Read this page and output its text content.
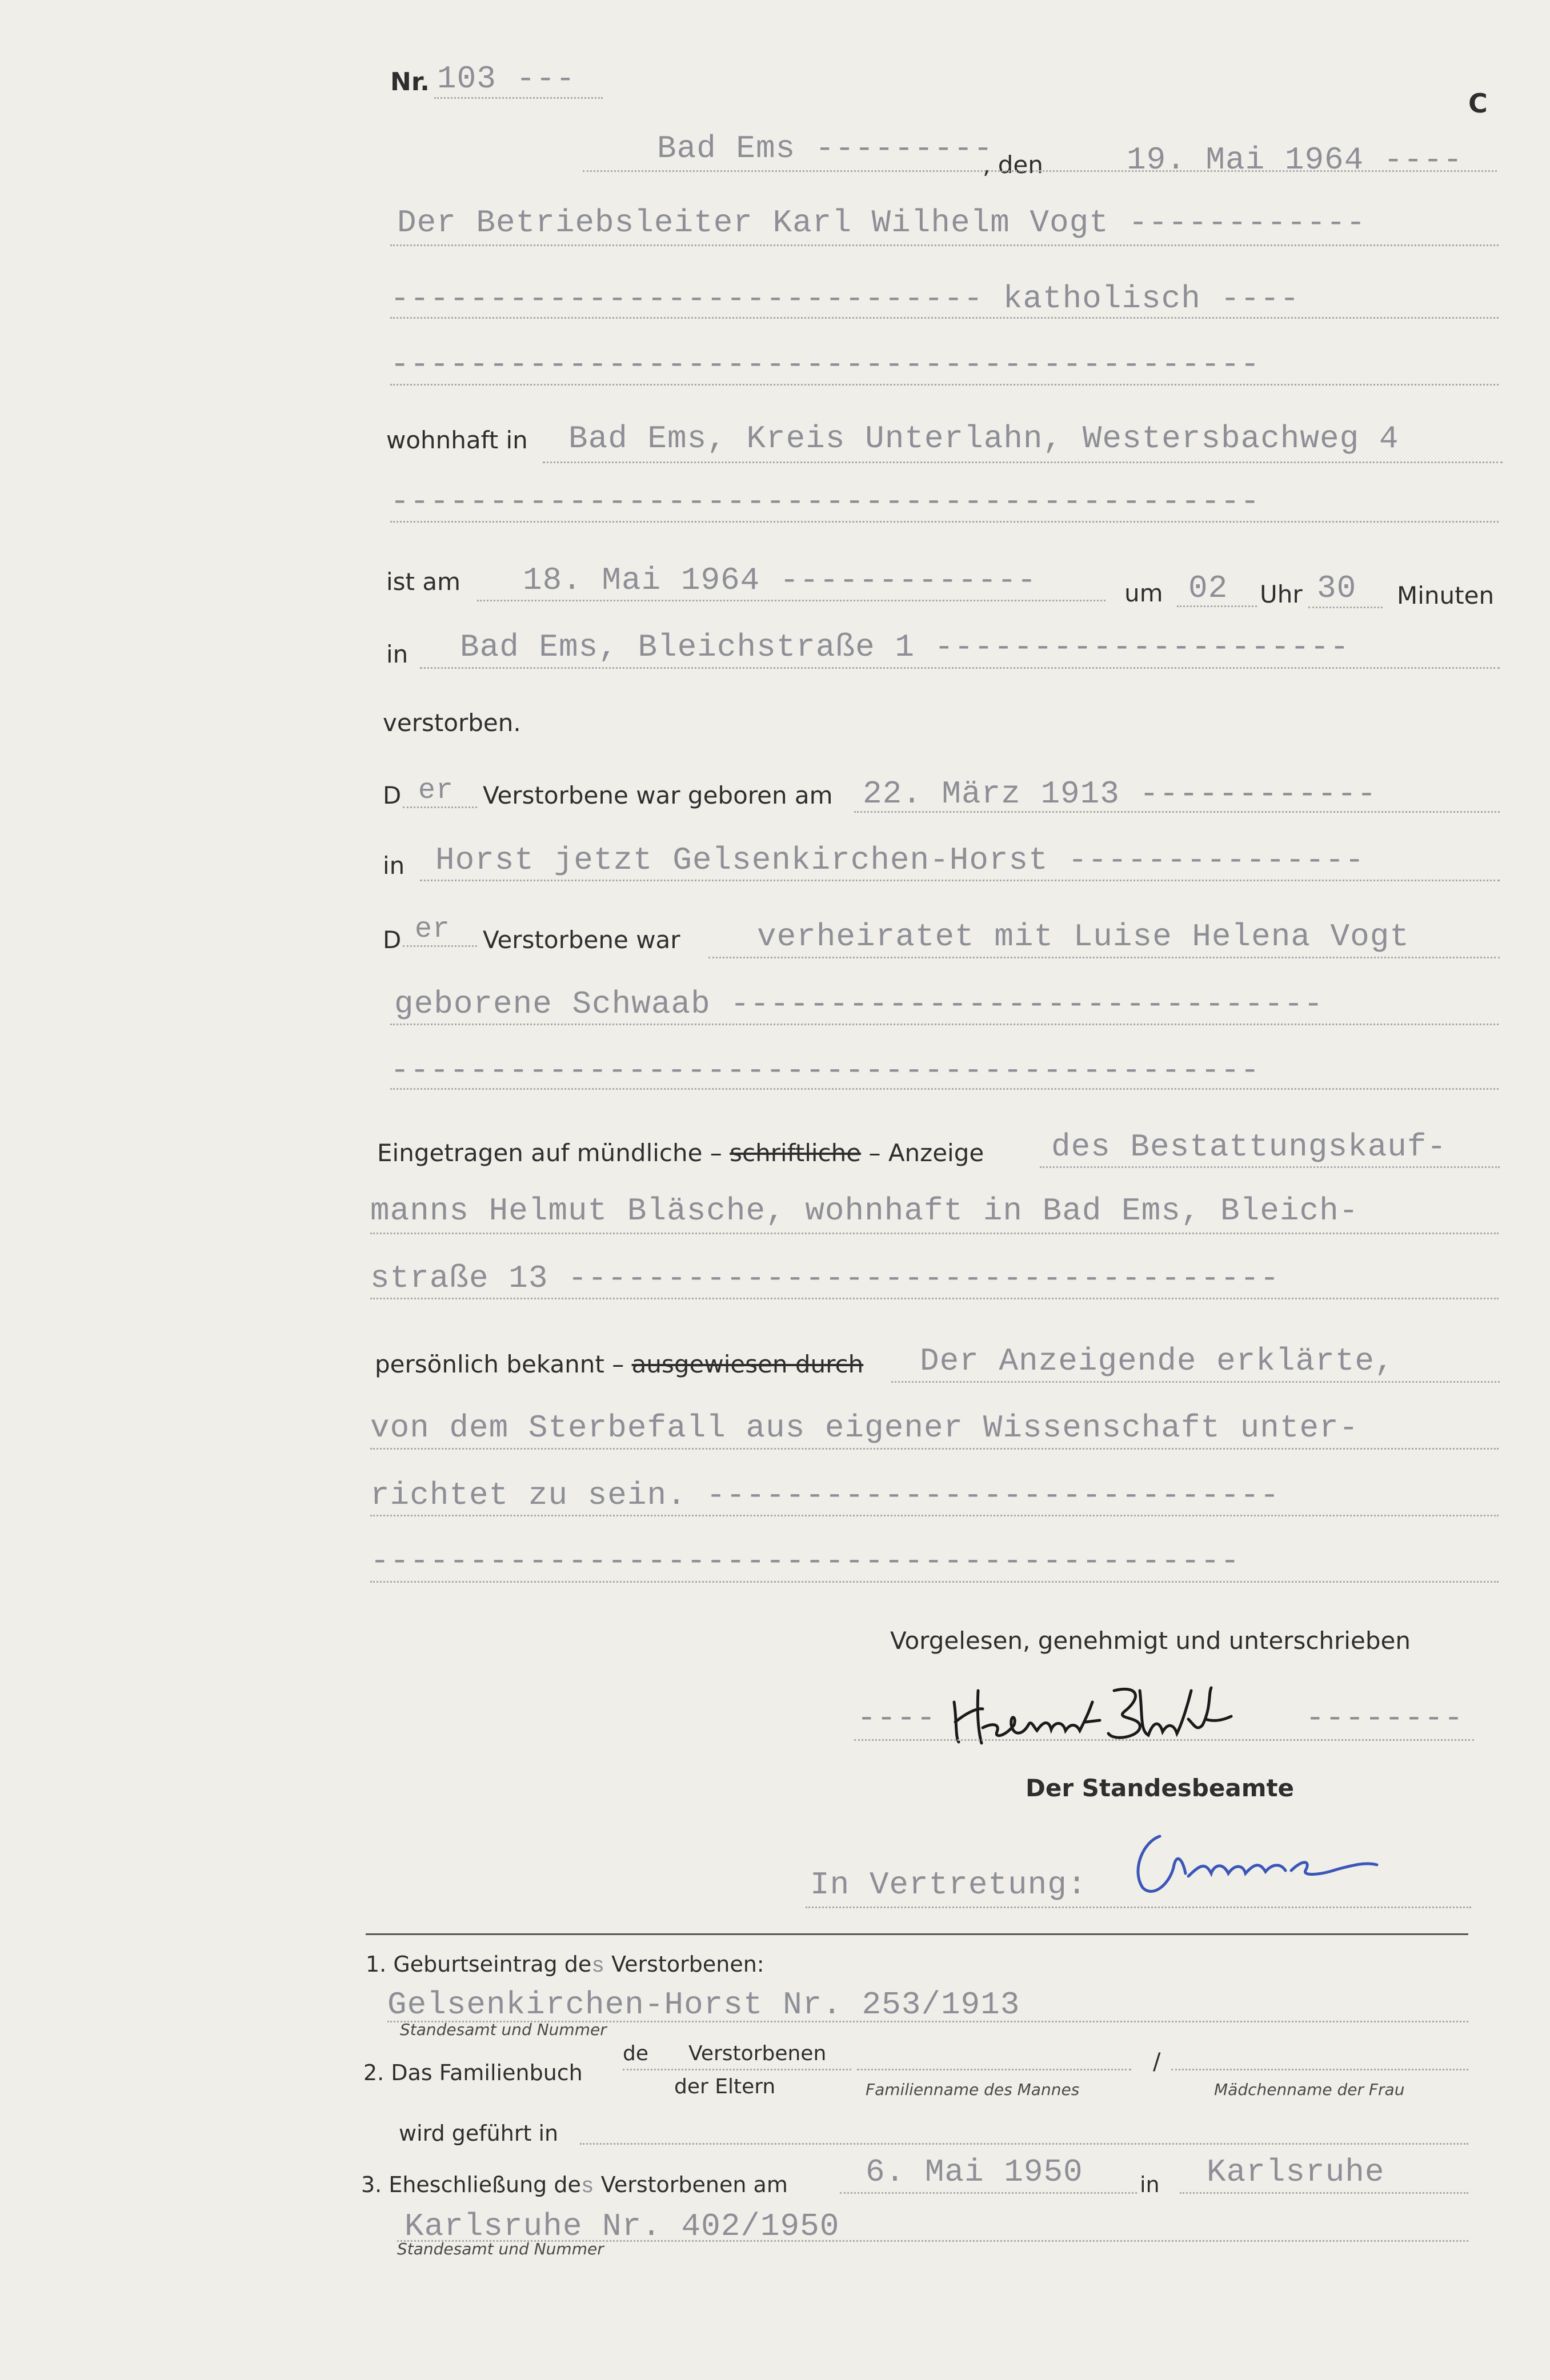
Nr. 103 ---
C
Bad Ems ---------
, den	19. Mai 1964 ----
Der Betriebsleiter Karl Wilhelm Vogt ------------
------------------------------ katholisch ----
--------------------------------------------
wohnhaft in Bad Ems, Kreis Unterlahn, Westersbachweg 4
--------------------------------------------
ist am 18. Mai 1964 -------------	um 02 Uhr 30 Minuten
in Bad Ems, Bleichstraße 1 ---------------------
verstorben.
D er Verstorbene war geboren am 22. März 1913 ------------
in Horst jetzt Gelsenkirchen-Horst ---------------
D er Verstorbene war verheiratet mit Luise Helena Vogt
geborene Schwaab ------------------------------
--------------------------------------------
Eingetragen auf mündliche – schriftliche – Anzeige des Bestattungskauf-
manns Helmut Bläsche, wohnhaft in Bad Ems, Bleich-
straße 13 ------------------------------------
persönlich bekannt – ausgewiesen durch Der Anzeigende erklärte,
von dem Sterbefall aus eigener Wissenschaft unter-
richtet zu sein. -----------------------------
--------------------------------------------
Vorgelesen, genehmigt und unterschrieben
----	--------
Der Standesbeamte
In Vertretung:
1. Geburtseintrag des Verstorbenen:
Gelsenkirchen-Horst Nr. 253/1913
Standesamt und Nummer
2. Das Familienbuch
de Verstorbenen
der Eltern
/
Familienname des Mannes	Mädchenname der Frau
wird geführt in
3. Eheschließung des Verstorbenen am 6. Mai 1950	in Karlsruhe
Karlsruhe Nr. 402/1950
Standesamt und Nummer
